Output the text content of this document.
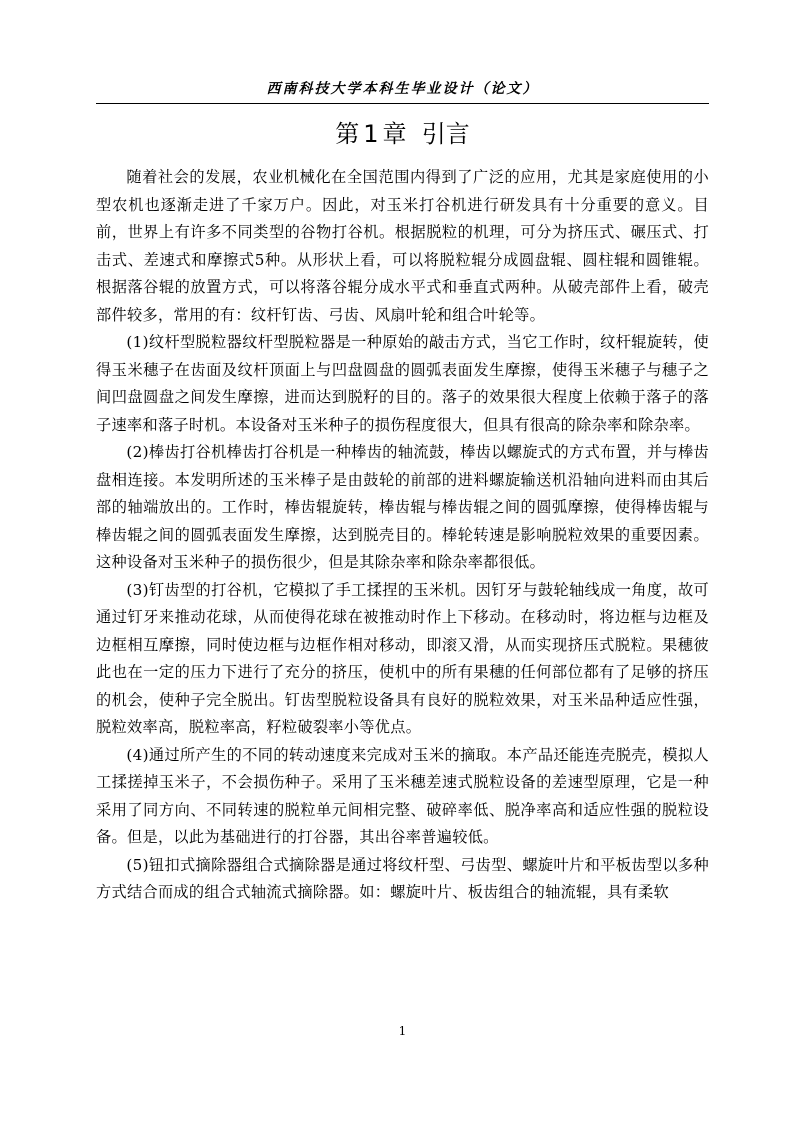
西南科技大学本科生毕业设计（论文）
第 1 章 引言

随着社会的发展，农业机械化在全国范围内得到了广泛的应用，尤其是家庭使用的小型农机也逐渐走进了千家万户。因此，对玉米打谷机进行研发具有十分重要的意义。目前，世界上有许多不同类型的谷物打谷机。根据脱粒的机理，可分为挤压式、碾压式、打击式、差速式和摩擦式5种。从形状上看，可以将脱粒辊分成圆盘辊、圆柱辊和圆锥辊。根据落谷辊的放置方式，可以将落谷辊分成水平式和垂直式两种。从破壳部件上看，破壳部件较多，常用的有：纹杆钉齿、弓齿、风扇叶轮和组合叶轮等。

(1)纹杆型脱粒器纹杆型脱粒器是一种原始的敲击方式，当它工作时，纹杆辊旋转，使得玉米穗子在齿面及纹杆顶面上与凹盘圆盘的圆弧表面发生摩擦，使得玉米穗子与穗子之间凹盘圆盘之间发生摩擦，进而达到脱籽的目的。落子的效果很大程度上依赖于落子的落子速率和落子时机。本设备对玉米种子的损伤程度很大，但具有很高的除杂率和除杂率。

(2)棒齿打谷机棒齿打谷机是一种棒齿的轴流鼓，棒齿以螺旋式的方式布置，并与棒齿盘相连接。本发明所述的玉米棒子是由鼓轮的前部的进料螺旋输送机沿轴向进料而由其后部的轴端放出的。工作时，棒齿辊旋转，棒齿辊与棒齿辊之间的圆弧摩擦，使得棒齿辊与棒齿辊之间的圆弧表面发生摩擦，达到脱壳目的。棒轮转速是影响脱粒效果的重要因素。这种设备对玉米种子的损伤很少，但是其除杂率和除杂率都很低。

(3)钉齿型的打谷机，它模拟了手工揉捏的玉米机。因钉牙与鼓轮轴线成一角度，故可通过钉牙来推动花球，从而使得花球在被推动时作上下移动。在移动时，将边框与边框及边框相互摩擦，同时使边框与边框作相对移动，即滚又滑，从而实现挤压式脱粒。果穗彼此也在一定的压力下进行了充分的挤压，使机中的所有果穗的任何部位都有了足够的挤压的机会，使种子完全脱出。钉齿型脱粒设备具有良好的脱粒效果，对玉米品种适应性强，脱粒效率高，脱粒率高，籽粒破裂率小等优点。

(4)通过所产生的不同的转动速度来完成对玉米的摘取。本产品还能连壳脱壳，模拟人工揉搓掉玉米子，不会损伤种子。采用了玉米穗差速式脱粒设备的差速型原理，它是一种采用了同方向、不同转速的脱粒单元间相完整、破碎率低、脱净率高和适应性强的脱粒设备。但是，以此为基础进行的打谷器，其出谷率普遍较低。

(5)钮扣式摘除器组合式摘除器是通过将纹杆型、弓齿型、螺旋叶片和平板齿型以多种方式结合而成的组合式轴流式摘除器。如：螺旋叶片、板齿组合的轴流辊，具有柔软

1
